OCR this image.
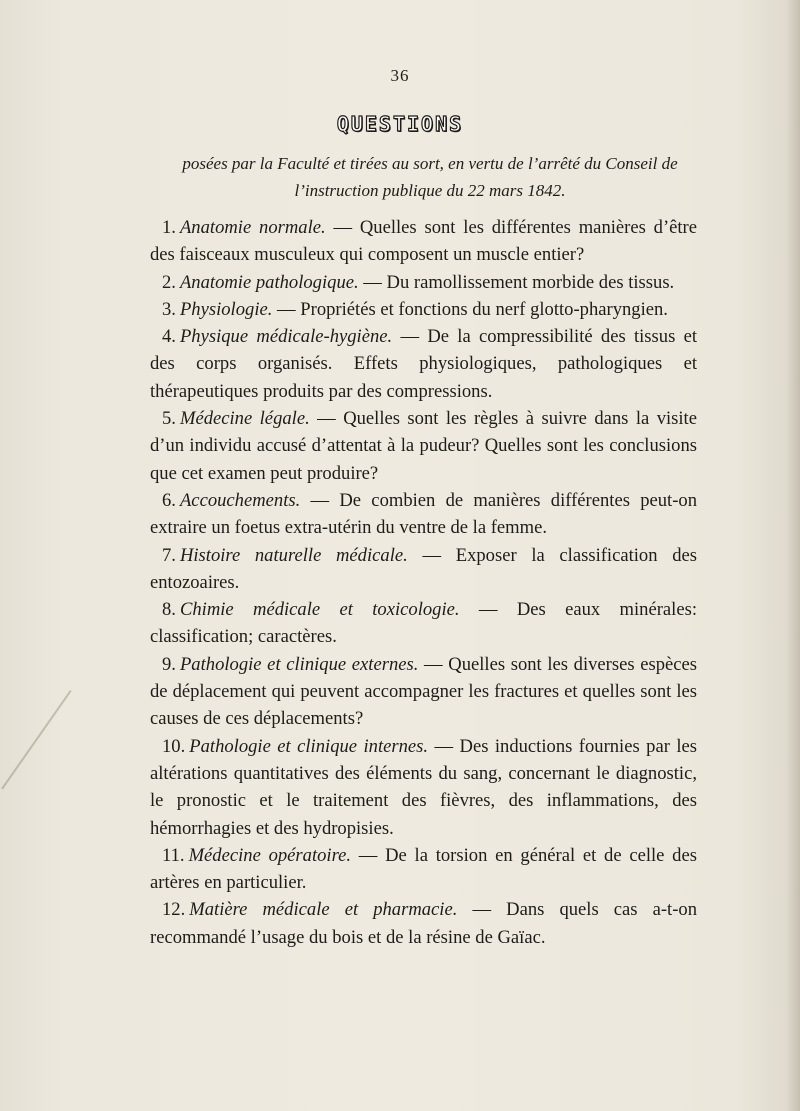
36
QUESTIONS
posées par la Faculté et tirées au sort, en vertu de l’arrêté du Conseil de l’instruction publique du 22 mars 1842.

1. Anatomie normale. — Quelles sont les différentes manières d’être des faisceaux musculeux qui composent un muscle entier?

2. Anatomie pathologique. — Du ramollissement morbide des tissus.

3. Physiologie. — Propriétés et fonctions du nerf glotto-pharyngien.

4. Physique médicale-hygiène. — De la compressibilité des tissus et des corps organisés. Effets physiologiques, pathologiques et thérapeutiques produits par des compressions.

5. Médecine légale. — Quelles sont les règles à suivre dans la visite d’un individu accusé d’attentat à la pudeur? Quelles sont les conclusions que cet examen peut produire?

6. Accouchements. — De combien de manières différentes peut-on extraire un foetus extra-utérin du ventre de la femme.

7. Histoire naturelle médicale. — Exposer la classification des entozoaires.

8. Chimie médicale et toxicologie. — Des eaux minérales: classification; caractères.

9. Pathologie et clinique externes. — Quelles sont les diverses espèces de déplacement qui peuvent accompagner les fractures et quelles sont les causes de ces déplacements?

10. Pathologie et clinique internes. — Des inductions fournies par les altérations quantitatives des éléments du sang, concernant le diagnostic, le pronostic et le traitement des fièvres, des inflammations, des hémorrhagies et des hydropisies.

11. Médecine opératoire. — De la torsion en général et de celle des artères en particulier.

12. Matière médicale et pharmacie. — Dans quels cas a-t-on recommandé l’usage du bois et de la résine de Gaïac.
